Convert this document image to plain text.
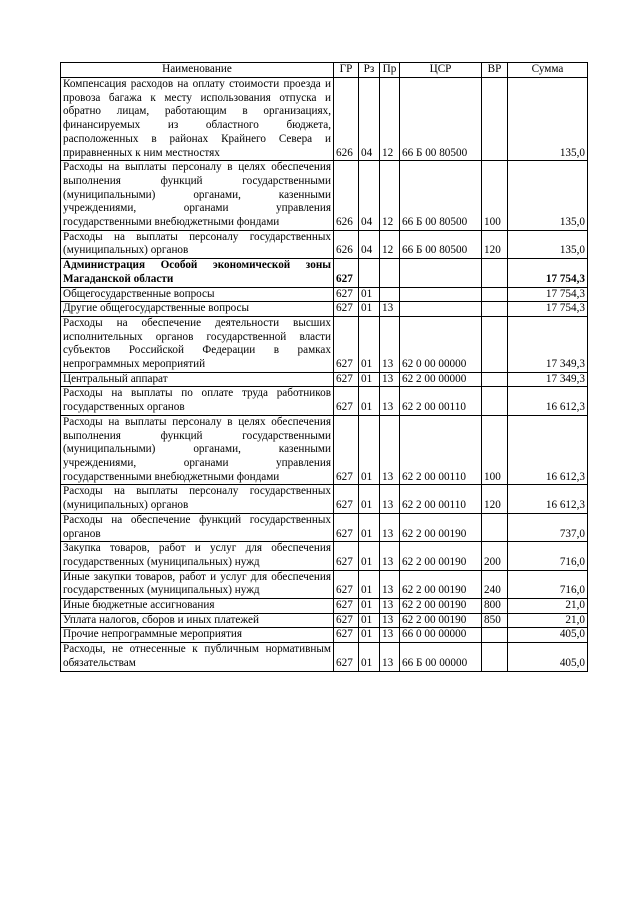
Наименование	ГР	Рз	Пр	ЦСР	ВР	Сумма
Компенсация расходов на оплату стоимости проезда и провоза багажа к месту использования отпуска и обратно лицам, работающим в организациях, финансируемых из областного бюджета, расположенных в районах Крайнего Севера и приравненных к ним местностях	626	04	12	66 Б 00 80500		135,0
Расходы на выплаты персоналу в целях обеспечения выполнения функций государственными (муниципальными) органами, казенными учреждениями, органами управления государственными внебюджетными фондами	626	04	12	66 Б 00 80500	100	135,0
Расходы на выплаты персоналу государственных (муниципальных) органов	626	04	12	66 Б 00 80500	120	135,0
Администрация Особой экономической зоны Магаданской области	627					17 754,3
Общегосударственные вопросы	627	01				17 754,3
Другие общегосударственные вопросы	627	01	13			17 754,3
Расходы на обеспечение деятельности высших исполнительных органов государственной власти субъектов Российской Федерации в рамках непрограммных мероприятий	627	01	13	62 0 00 00000		17 349,3
Центральный аппарат	627	01	13	62 2 00 00000		17 349,3
Расходы на выплаты по оплате труда работников государственных органов	627	01	13	62 2 00 00110		16 612,3
Расходы на выплаты персоналу в целях обеспечения выполнения функций государственными (муниципальными) органами, казенными учреждениями, органами управления государственными внебюджетными фондами	627	01	13	62 2 00 00110	100	16 612,3
Расходы на выплаты персоналу государственных (муниципальных) органов	627	01	13	62 2 00 00110	120	16 612,3
Расходы на обеспечение функций государственных органов	627	01	13	62 2 00 00190		737,0
Закупка товаров, работ и услуг для обеспечения государственных (муниципальных) нужд	627	01	13	62 2 00 00190	200	716,0
Иные закупки товаров, работ и услуг для обеспечения государственных (муниципальных) нужд	627	01	13	62 2 00 00190	240	716,0
Иные бюджетные ассигнования	627	01	13	62 2 00 00190	800	21,0
Уплата налогов, сборов и иных платежей	627	01	13	62 2 00 00190	850	21,0
Прочие непрограммные мероприятия	627	01	13	66 0 00 00000		405,0
Расходы, не отнесенные к публичным нормативным обязательствам	627	01	13	66 Б 00 00000		405,0
